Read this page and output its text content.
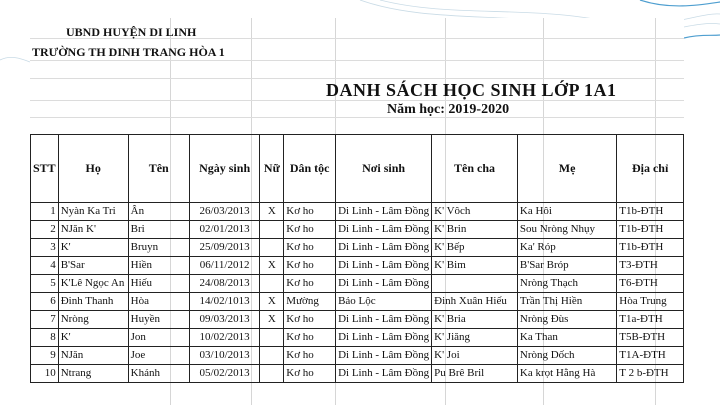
UBND HUYỆN DI LINH
TRƯỜNG TH DINH TRANG HÒA 1
DANH SÁCH HỌC SINH LỚP 1A1
Năm học: 2019-2020
STT	Họ	Tên	Ngày sinh	Nữ	Dân tộc	Nơi sinh	Tên cha	Mẹ	Địa chỉ
1	Nyàn Ka Tri	Ân	26/03/2013	X	Kơ ho	Di Linh - Lâm Đồng	K' Vôch	Ka Hôi	T1b-ĐTH
2	NJăn K'	Bri	02/01/2013		Kơ ho	Di Linh - Lâm Đồng	K' Brin	Sou Nròng Nhụy	T1b-ĐTH
3	K'	Bruyn	25/09/2013		Kơ ho	Di Linh - Lâm Đồng	K' Bếp	Ka' Róp	T1b-ĐTH
4	B'Sar	Hiền	06/11/2012	X	Kơ ho	Di Linh - Lâm Đồng	K' Bim	B'Sar Bróp	T3-ĐTH
5	K'Lê Ngọc An	Hiếu	24/08/2013		Kơ ho	Di Linh - Lâm Đồng		Nròng Thạch	T6-ĐTH
6	Đinh Thanh	Hòa	14/02/1013	X	Mường	Bảo Lộc	Đinh Xuân Hiếu	Trần Thị Hiền	Hòa Trung
7	Nròng	Huyền	09/03/2013	X	Kơ ho	Di Linh - Lâm Đồng	K' Bria	Nròng Đùs	T1a-ĐTH
8	K'	Jon	10/02/2013		Kơ ho	Di Linh - Lâm Đồng	K' Jiăng	Ka Than	T5B-ĐTH
9	NJăn	Joe	03/10/2013		Kơ ho	Di Linh - Lâm Đồng	K' Joi	Nròng Dốch	T1A-ĐTH
10	Ntrang	Khánh	05/02/2013		Kơ ho	Di Linh - Lâm Đồng	Pu Brê Bril	Ka krọt Hằng Hà	T 2 b-ĐTH
